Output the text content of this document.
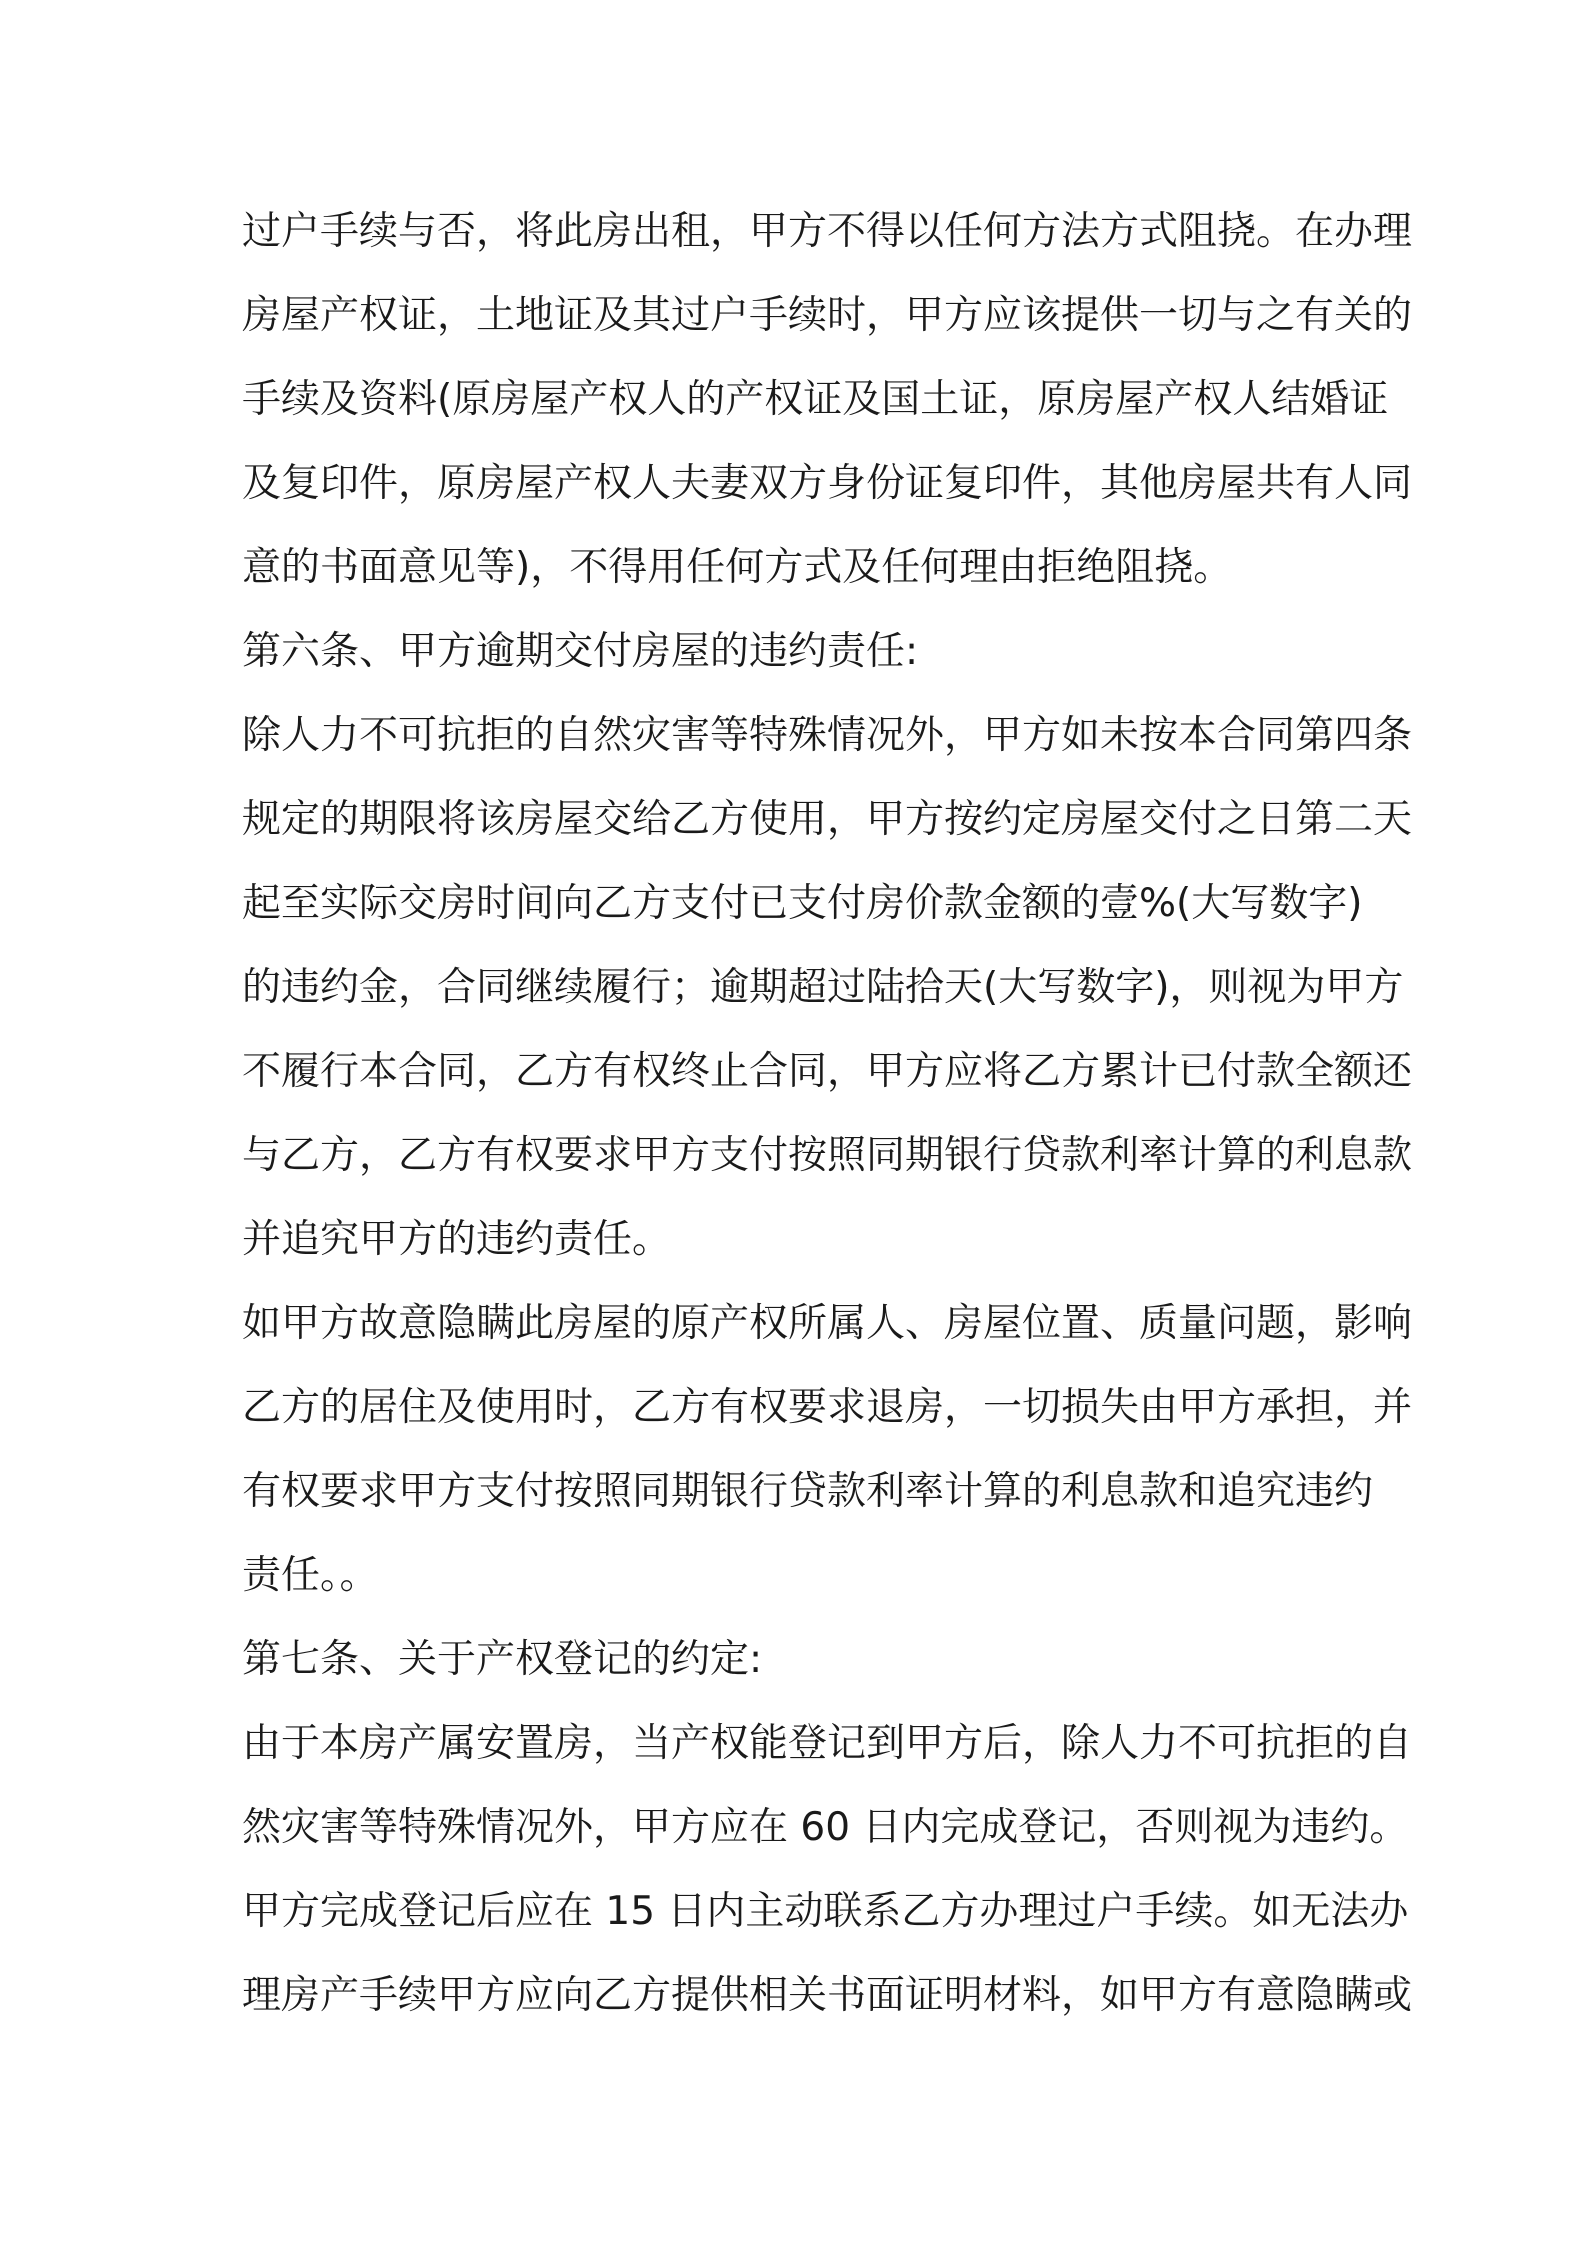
过户手续与否，将此房出租，甲方不得以任何方法方式阻挠。在办理
房屋产权证，土地证及其过户手续时，甲方应该提供一切与之有关的
手续及资料(原房屋产权人的产权证及国土证，原房屋产权人结婚证
及复印件，原房屋产权人夫妻双方身份证复印件，其他房屋共有人同
意的书面意见等)，不得用任何方式及任何理由拒绝阻挠。
第六条、甲方逾期交付房屋的违约责任:
除人力不可抗拒的自然灾害等特殊情况外，甲方如未按本合同第四条
规定的期限将该房屋交给乙方使用，甲方按约定房屋交付之日第二天
起至实际交房时间向乙方支付已支付房价款金额的壹%(大写数字)
的违约金，合同继续履行；逾期超过陆拾天(大写数字)，则视为甲方
不履行本合同，乙方有权终止合同，甲方应将乙方累计已付款全额还
与乙方，乙方有权要求甲方支付按照同期银行贷款利率计算的利息款
并追究甲方的违约责任。
如甲方故意隐瞒此房屋的原产权所属人、房屋位置、质量问题，影响
乙方的居住及使用时，乙方有权要求退房，一切损失由甲方承担，并
有权要求甲方支付按照同期银行贷款利率计算的利息款和追究违约
责任。。
第七条、关于产权登记的约定:
由于本房产属安置房，当产权能登记到甲方后，除人力不可抗拒的自
然灾害等特殊情况外，甲方应在 60 日内完成登记，否则视为违约。
甲方完成登记后应在 15 日内主动联系乙方办理过户手续。如无法办
理房产手续甲方应向乙方提供相关书面证明材料，如甲方有意隐瞒或
